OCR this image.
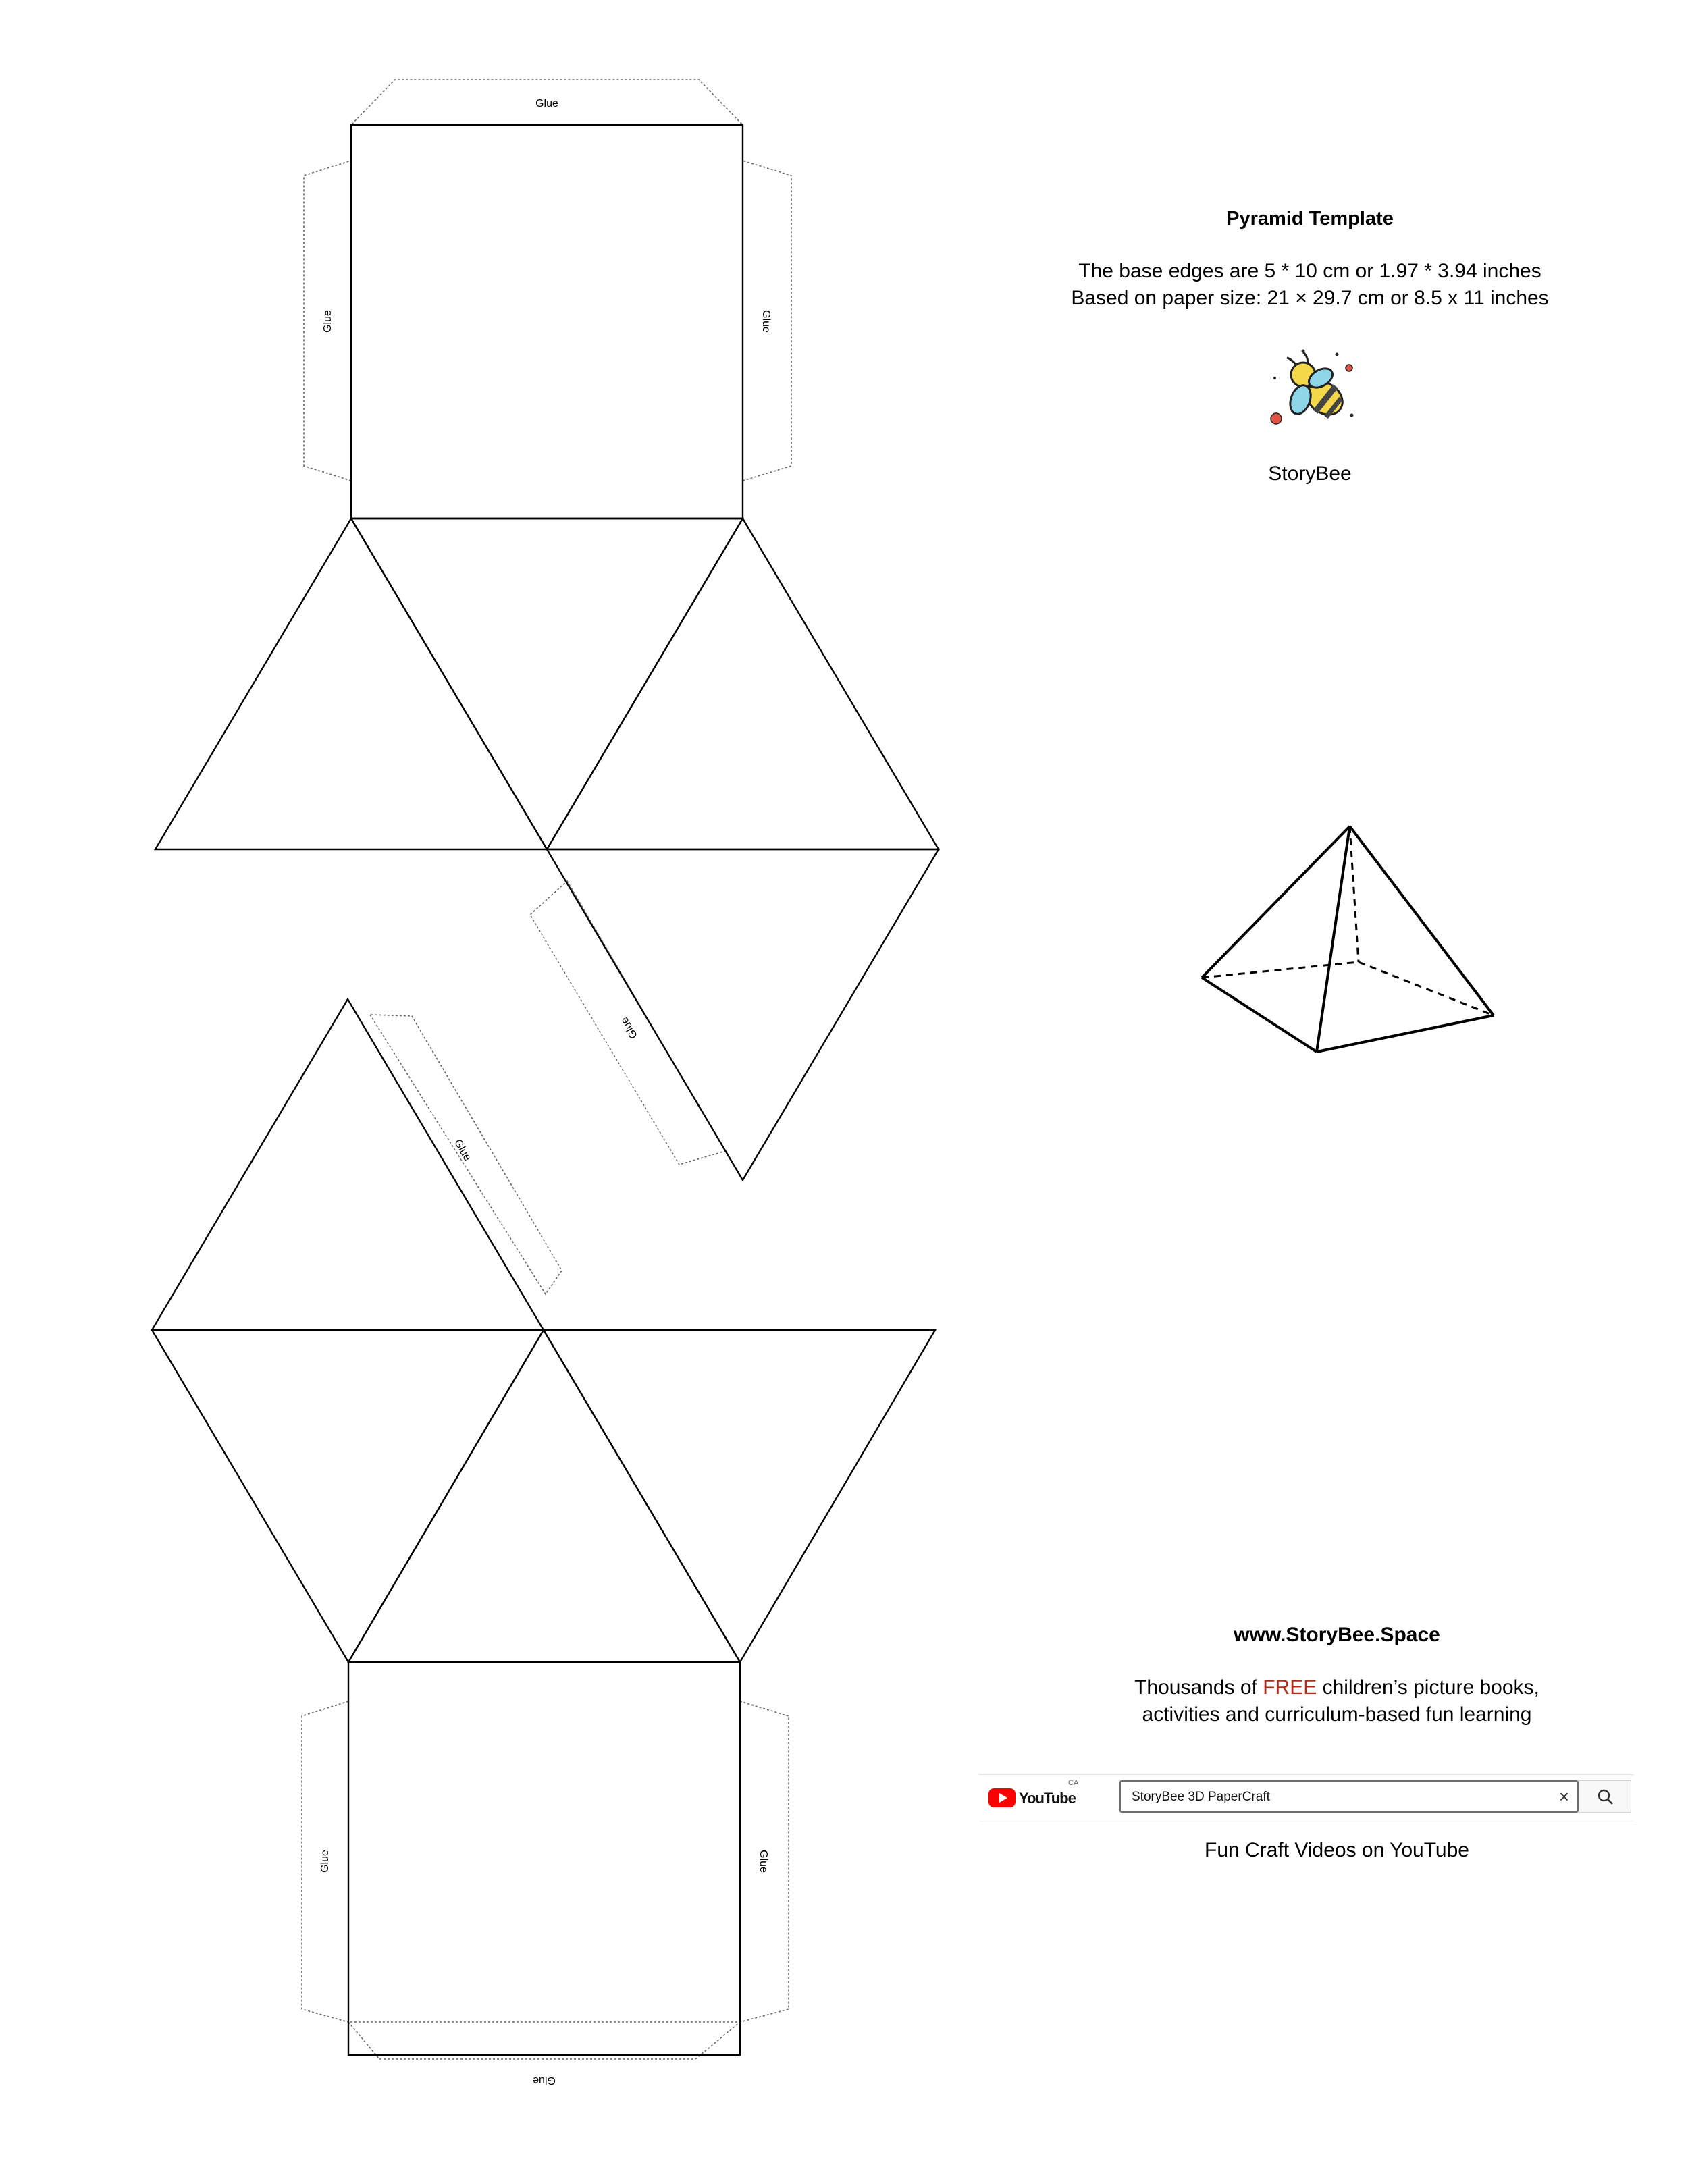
Glue
Glue	Glue
Glue
Glue
Glue	Glue
Glue
Pyramid Template
The base edges are 5 * 10 cm or 1.97 * 3.94 inches
Based on paper size: 21 × 29.7 cm or 8.5 x 11 inches
StoryBee
www.StoryBee.Space
Thousands of FREE children’s picture books,
activities and curriculum-based fun learning
YouTube
CA
StoryBee 3D PaperCraft	×
Fun Craft Videos on YouTube
